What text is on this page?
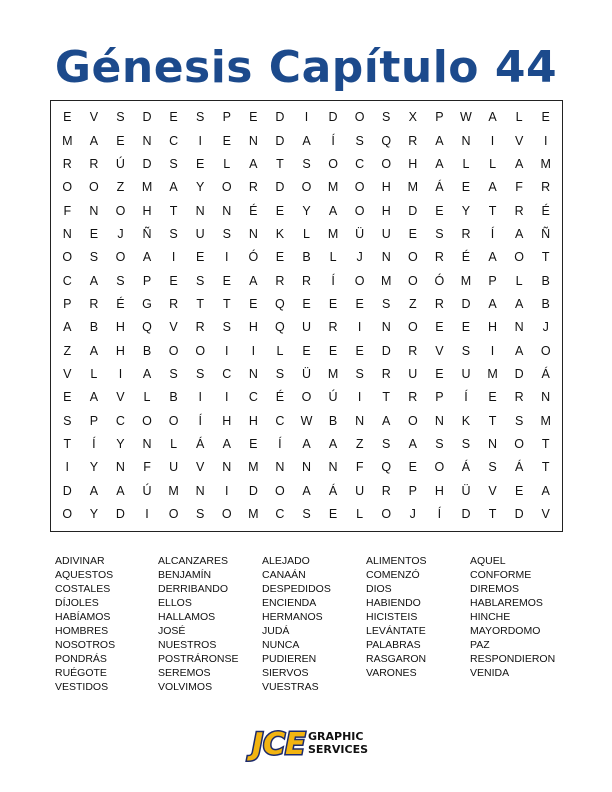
Génesis Capítulo 44
E	V	S	D	E	S	P	E	D	I	D	O	S	X	P	W	A	L	E
M	A	E	N	C	I	E	N	D	A	Í	S	Q	R	A	N	I	V	I
R	R	Ú	D	S	E	L	A	T	S	O	C	O	H	A	L	L	A	M
O	O	Z	M	A	Y	O	R	D	O	M	O	H	M	Á	E	A	F	R
F	N	O	H	T	N	N	É	E	Y	A	O	H	D	E	Y	T	R	É
N	E	J	Ñ	S	U	S	N	K	L	M	Ü	U	E	S	R	Í	A	Ñ
O	S	O	A	I	E	I	Ó	E	B	L	J	N	O	R	É	A	O	T
C	A	S	P	E	S	E	A	R	R	Í	O	M	O	Ó	M	P	L	B
P	R	É	G	R	T	T	E	Q	E	E	E	S	Z	R	D	A	A	B
A	B	H	Q	V	R	S	H	Q	U	R	I	N	O	E	E	H	N	J
Z	A	H	B	O	O	I	I	L	E	E	E	D	R	V	S	I	A	O
V	L	I	A	S	S	C	N	S	Ü	M	S	R	U	E	U	M	D	Á
E	A	V	L	B	I	I	C	É	O	Ú	I	T	R	P	Í	E	R	N
S	P	C	O	O	Í	H	H	C	W	B	N	A	O	N	K	T	S	M
T	Í	Y	N	L	Á	A	E	Í	A	A	Z	S	A	S	S	N	O	T
I	Y	N	F	U	V	N	M	N	N	N	F	Q	E	O	Á	S	Á	T
D	A	A	Ú	M	N	I	D	O	A	Á	U	R	P	H	Ü	V	E	A
O	Y	D	I	O	S	O	M	C	S	E	L	O	J	Í	D	T	D	V
ADIVINAR
AQUESTOS
COSTALES
DÍJOLES
HABÍAMOS
HOMBRES
NOSOTROS
PONDRÁS
RUÉGOTE
VESTIDOS
ALCANZARES
BENJAMÍN
DERRIBANDO
ELLOS
HALLAMOS
JOSÉ
NUESTROS
POSTRÁRONSE
SEREMOS
VOLVIMOS
ALEJADO
CANAÁN
DESPEDIDOS
ENCIENDA
HERMANOS
JUDÁ
NUNCA
PUDIEREN
SIERVOS
VUESTRAS
ALIMENTOS
COMENZÓ
DIOS
HABIENDO
HICISTEIS
LEVÁNTATE
PALABRAS
RASGARON
VARONES
AQUEL
CONFORME
DIREMOS
HABLAREMOS
HINCHE
MAYORDOMO
PAZ
RESPONDIERON
VENIDA
JCE GRAPHIC
SERVICES
